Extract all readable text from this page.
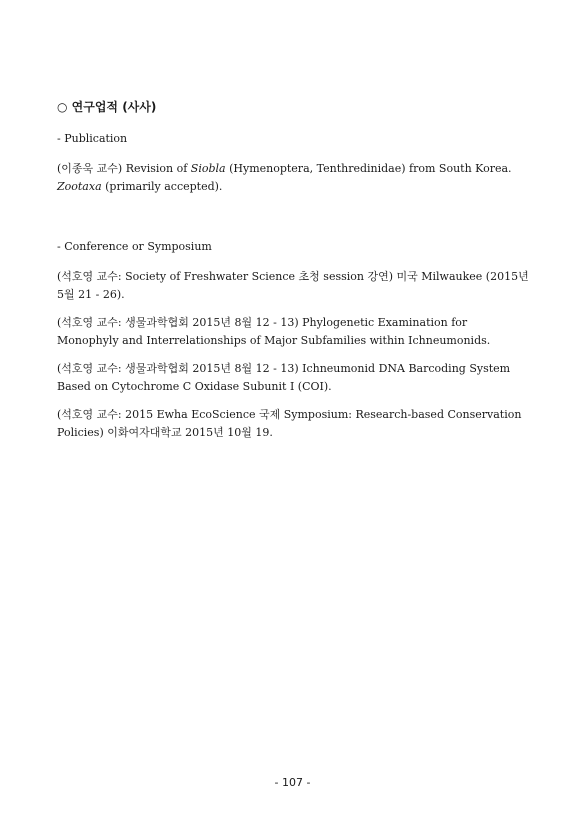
○ 연구업적 (사사)
- Publication
(이종욱 교수) Revision of Siobla (Hymenoptera, Tenthredinidae) from South Korea.
Zootaxa (primarily accepted).
- Conference or Symposium
(석호영 교수: Society of Freshwater Science 초청 session 강연) 미국 Milwaukee (2015년
5월 21 - 26).
(석호영 교수: 생물과학협회 2015년 8월 12 - 13) Phylogenetic Examination for
Monophyly and Interrelationships of Major Subfamilies within Ichneumonids.
(석호영 교수: 생물과학협회 2015년 8월 12 - 13) Ichneumonid DNA Barcoding System
Based on Cytochrome C Oxidase Subunit I (COI).
(석호영 교수: 2015 Ewha EcoScience 국제 Symposium: Research-based Conservation
Policies) 이화여자대학교 2015년 10월 19.
- 107 -
